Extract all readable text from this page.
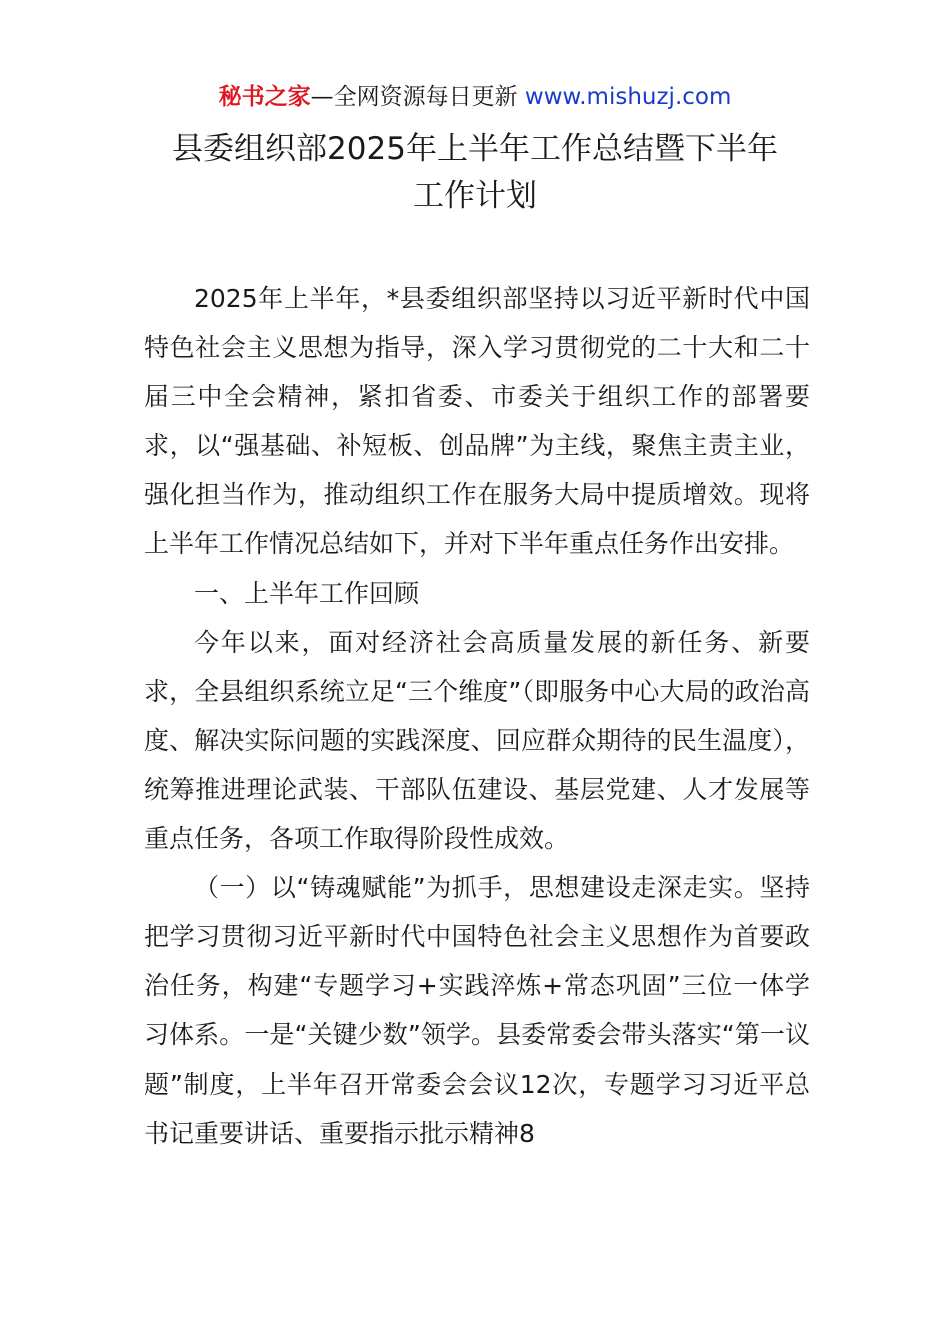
秘书之家—全网资源每日更新 www.mishuzj.com
县委组织部2025年上半年工作总结暨下半年
工作计划

2025年上半年，*县委组织部坚持以习近平新时代中国特色社会主义思想为指导，深入学习贯彻党的二十大和二十届三中全会精神，紧扣省委、市委关于组织工作的部署要求，以“强基础、补短板、创品牌”为主线，聚焦主责主业，强化担当作为，推动组织工作在服务大局中提质增效。现将上半年工作情况总结如下，并对下半年重点任务作出安排。

一、上半年工作回顾

今年以来，面对经济社会高质量发展的新任务、新要求，全县组织系统立足“三个维度”（即服务中心大局的政治高度、解决实际问题的实践深度、回应群众期待的民生温度），统筹推进理论武装、干部队伍建设、基层党建、人才发展等重点任务，各项工作取得阶段性成效。

（一）以“铸魂赋能”为抓手，思想建设走深走实。坚持把学习贯彻习近平新时代中国特色社会主义思想作为首要政治任务，构建“专题学习+实践淬炼+常态巩固”三位一体学习体系。一是“关键少数”领学。县委常委会带头落实“第一议题”制度，上半年召开常委会会议12次，专题学习习近平总书记重要讲话、重要指示批示精神8
